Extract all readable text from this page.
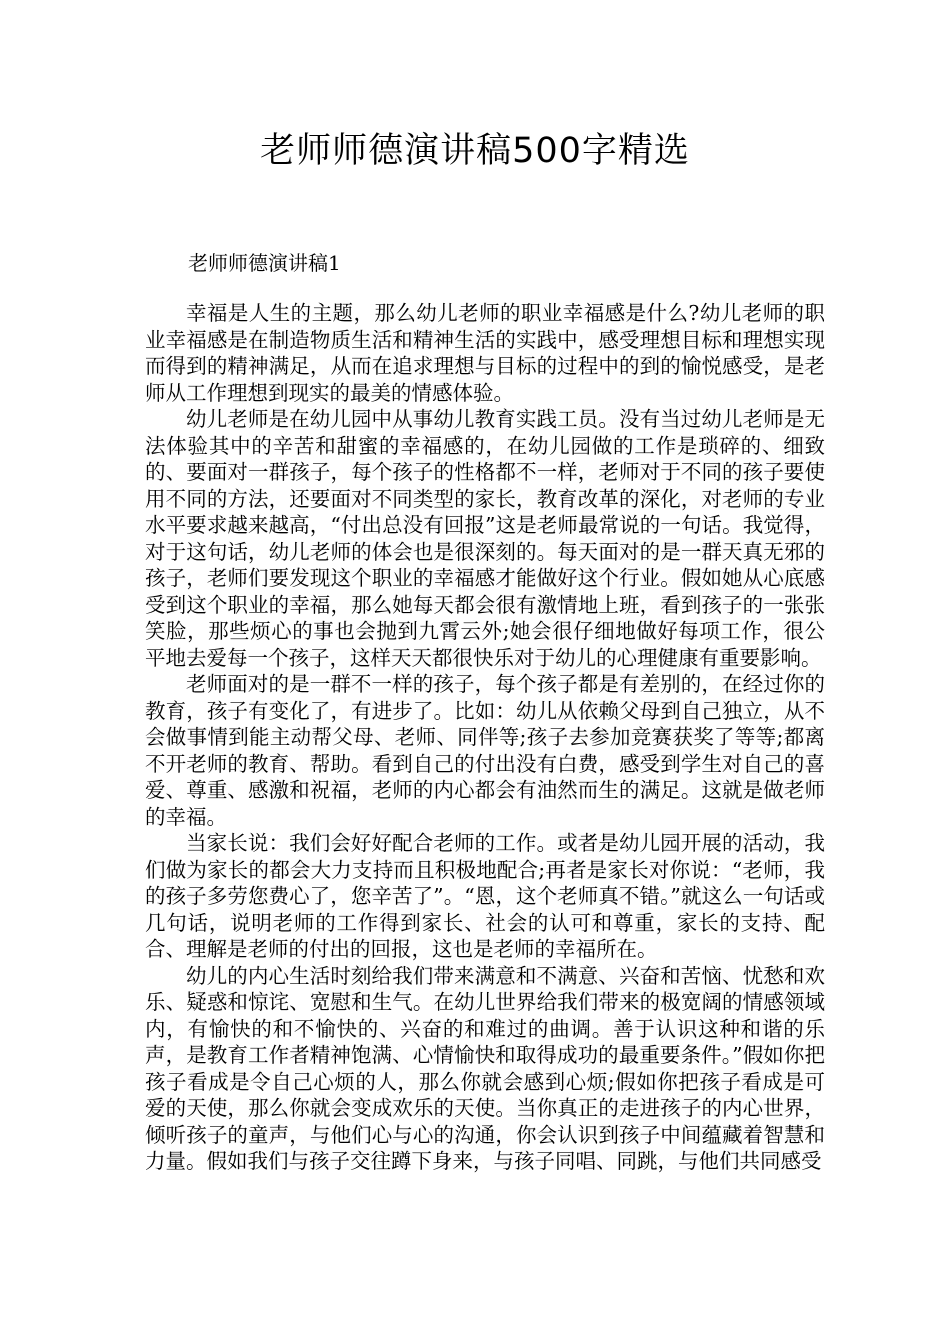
老师师德演讲稿500字精选
老师师德演讲稿1

幸福是人生的主题，那么幼儿老师的职业幸福感是什么?幼儿老师的职业幸福感是在制造物质生活和精神生活的实践中，感受理想目标和理想实现而得到的精神满足，从而在追求理想与目标的过程中的到的愉悦感受，是老师从工作理想到现实的最美的情感体验。

幼儿老师是在幼儿园中从事幼儿教育实践工员。没有当过幼儿老师是无法体验其中的辛苦和甜蜜的幸福感的，在幼儿园做的工作是琐碎的、细致的、要面对一群孩子，每个孩子的性格都不一样，老师对于不同的孩子要使用不同的方法，还要面对不同类型的家长，教育改革的深化，对老师的专业水平要求越来越高，“付出总没有回报”这是老师最常说的一句话。我觉得，对于这句话，幼儿老师的体会也是很深刻的。每天面对的是一群天真无邪的孩子，老师们要发现这个职业的幸福感才能做好这个行业。假如她从心底感受到这个职业的幸福，那么她每天都会很有激情地上班，看到孩子的一张张笑脸，那些烦心的事也会抛到九霄云外;她会很仔细地做好每项工作，很公平地去爱每一个孩子，这样天天都很快乐对于幼儿的心理健康有重要影响。

老师面对的是一群不一样的孩子，每个孩子都是有差别的，在经过你的教育，孩子有变化了，有进步了。比如：幼儿从依赖父母到自己独立，从不会做事情到能主动帮父母、老师、同伴等;孩子去参加竞赛获奖了等等;都离不开老师的教育、帮助。看到自己的付出没有白费，感受到学生对自己的喜爱、尊重、感激和祝福，老师的内心都会有油然而生的满足。这就是做老师的幸福。

当家长说：我们会好好配合老师的工作。或者是幼儿园开展的活动，我们做为家长的都会大力支持而且积极地配合;再者是家长对你说：“老师，我的孩子多劳您费心了，您辛苦了”。“恩，这个老师真不错。”就这么一句话或几句话，说明老师的工作得到家长、社会的认可和尊重，家长的支持、配合、理解是老师的付出的回报，这也是老师的幸福所在。

幼儿的内心生活时刻给我们带来满意和不满意、兴奋和苦恼、忧愁和欢乐、疑惑和惊诧、宽慰和生气。在幼儿世界给我们带来的极宽阔的情感领域内，有愉快的和不愉快的、兴奋的和难过的曲调。善于认识这种和谐的乐声，是教育工作者精神饱满、心情愉快和取得成功的最重要条件。”假如你把孩子看成是令自己心烦的人，那么你就会感到心烦;假如你把孩子看成是可爱的天使，那么你就会变成欢乐的天使。当你真正的走进孩子的内心世界，倾听孩子的童声，与他们心与心的沟通，你会认识到孩子中间蕴藏着智慧和力量。假如我们与孩子交往蹲下身来，与孩子同唱、同跳，与他们共同感受
